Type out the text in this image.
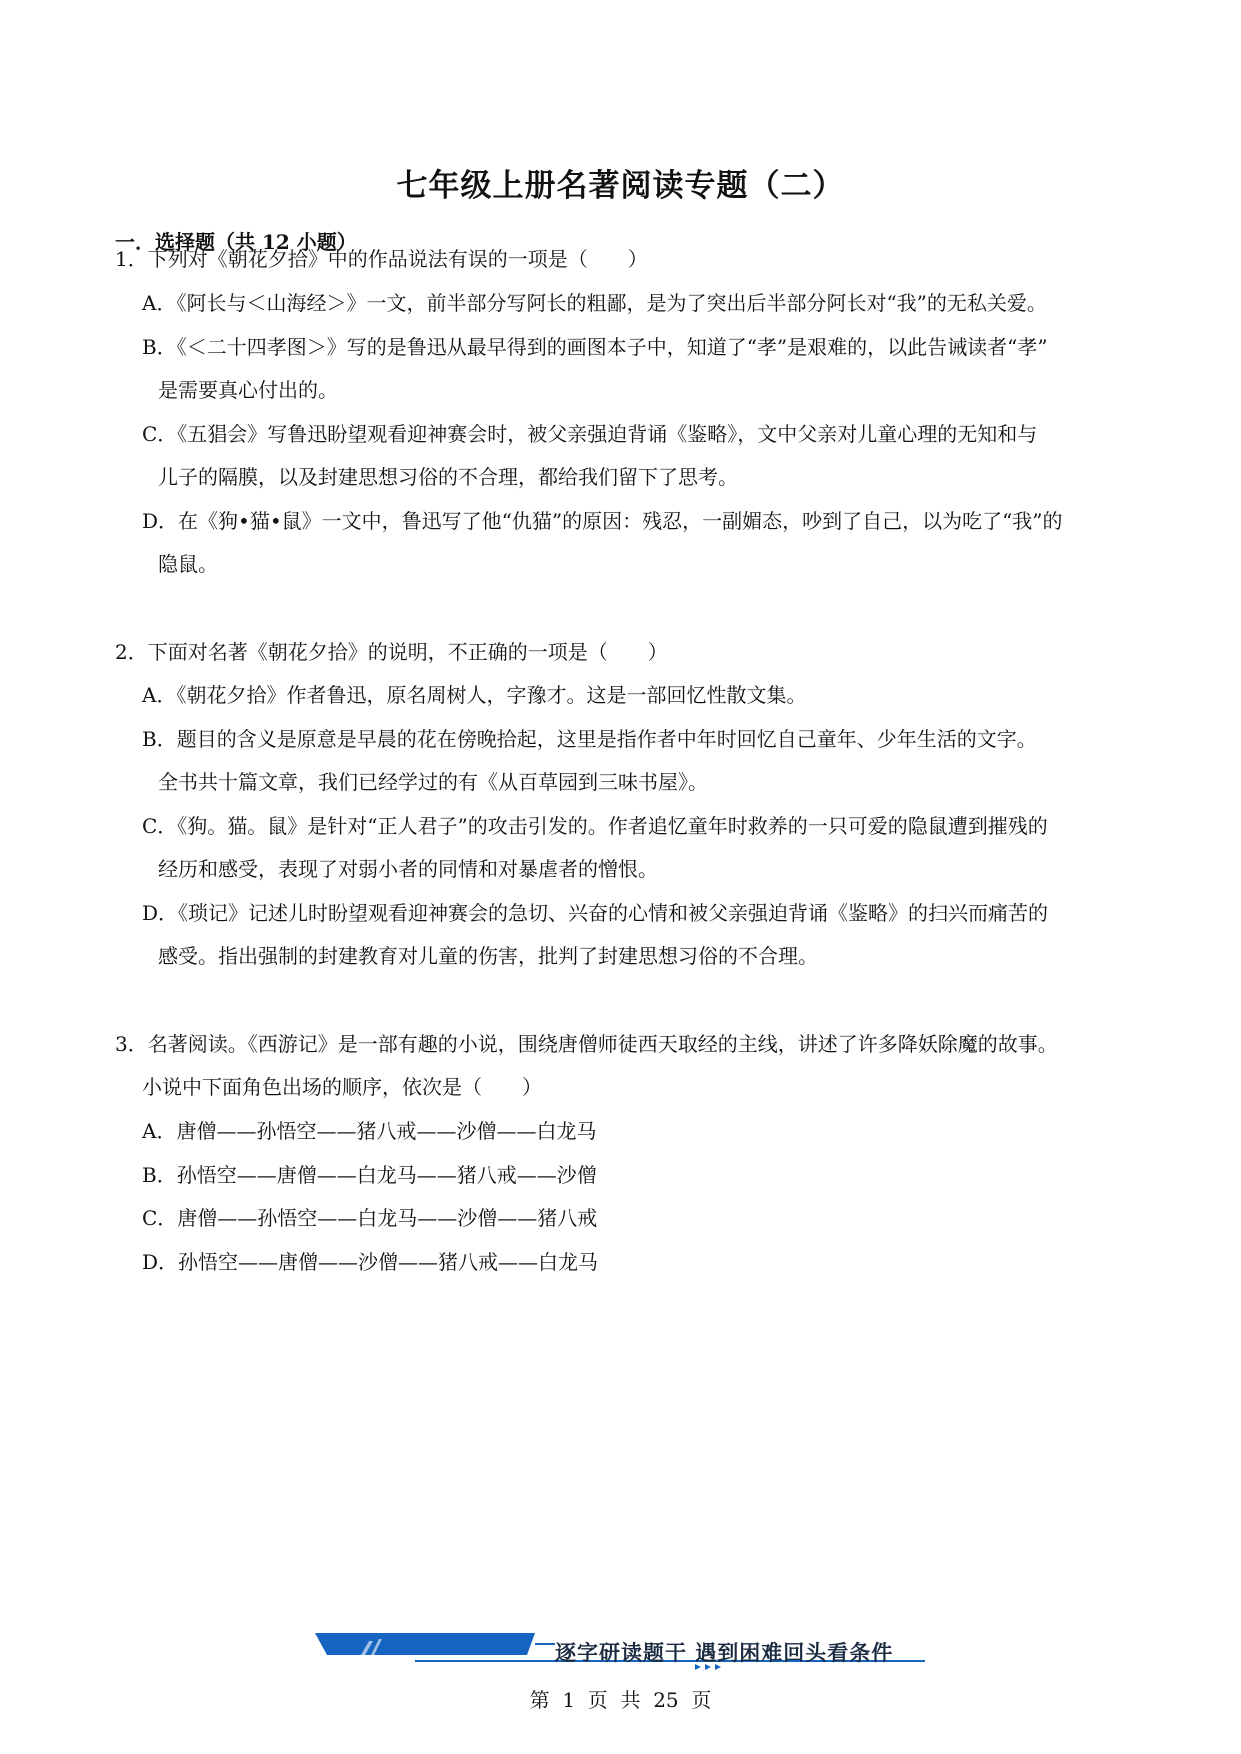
七年级上册名著阅读专题（二）
一．选择题（共 12 小题）
1．下列对《朝花夕拾》中的作品说法有误的一项是（　　）
A．《阿长与＜山海经＞》一文，前半部分写阿长的粗鄙，是为了突出后半部分阿长对“我”的无私关爱。
B．《＜二十四孝图＞》写的是鲁迅从最早得到的画图本子中，知道了“孝”是艰难的，以此告诫读者“孝”
是需要真心付出的。
C．《五猖会》写鲁迅盼望观看迎神赛会时，被父亲强迫背诵《鉴略》，文中父亲对儿童心理的无知和与
儿子的隔膜，以及封建思想习俗的不合理，都给我们留下了思考。
D．在《狗•猫•鼠》一文中，鲁迅写了他“仇猫”的原因：残忍，一副媚态，吵到了自己，以为吃了“我”的
隐鼠。
2．下面对名著《朝花夕拾》的说明，不正确的一项是（　　）
A．《朝花夕拾》作者鲁迅，原名周树人，字豫才。这是一部回忆性散文集。
B．题目的含义是原意是早晨的花在傍晚拾起，这里是指作者中年时回忆自己童年、少年生活的文字。
全书共十篇文章，我们已经学过的有《从百草园到三味书屋》。
C．《狗。猫。鼠》是针对“正人君子”的攻击引发的。作者追忆童年时救养的一只可爱的隐鼠遭到摧残的
经历和感受，表现了对弱小者的同情和对暴虐者的憎恨。
D．《琐记》记述儿时盼望观看迎神赛会的急切、兴奋的心情和被父亲强迫背诵《鉴略》的扫兴而痛苦的
感受。指出强制的封建教育对儿童的伤害，批判了封建思想习俗的不合理。
3．名著阅读。《西游记》是一部有趣的小说，围绕唐僧师徒西天取经的主线，讲述了许多降妖除魔的故事。
小说中下面角色出场的顺序，依次是（　　）
A．唐僧——孙悟空——猪八戒——沙僧——白龙马
B．孙悟空——唐僧——白龙马——猪八戒——沙僧
C．唐僧——孙悟空——白龙马——沙僧——猪八戒
D．孙悟空——唐僧——沙僧——猪八戒——白龙马
逐字研读题干 遇到困难回头看条件
第  1  页  共  25  页
